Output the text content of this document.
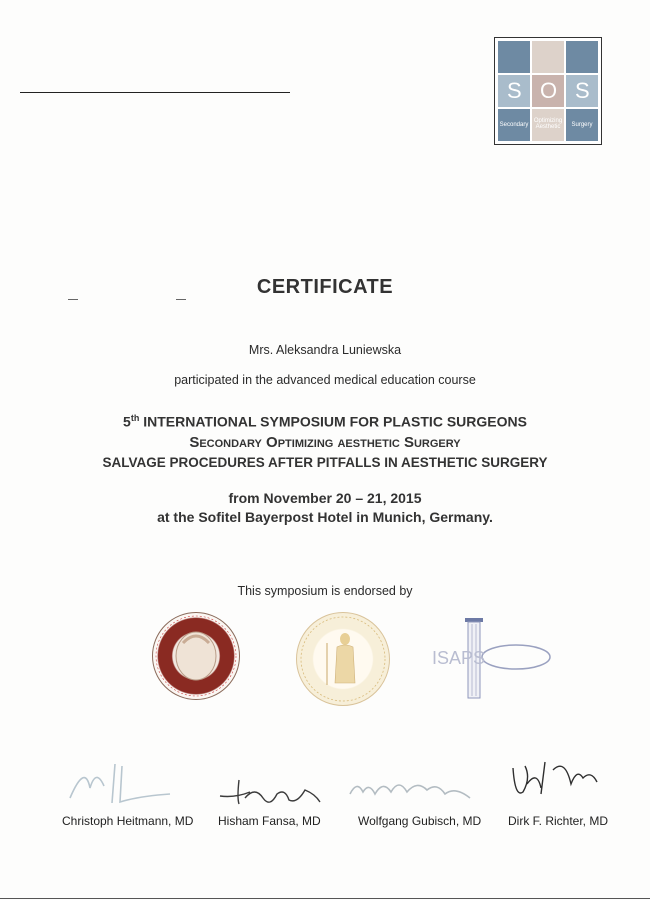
S O S
Secondary
Optimizing Aesthetic	Surgery
CERTIFICATE
Mrs. Aleksandra Luniewska
participated in the advanced medical education course
5th INTERNATIONAL SYMPOSIUM FOR PLASTIC SURGEONS
Secondary Optimizing aesthetic Surgery
SALVAGE PROCEDURES AFTER PITFALLS IN AESTHETIC SURGERY
from November 20 – 21, 2015
at the Sofitel Bayerpost Hotel in Munich, Germany.
This symposium is endorsed by
ISAPS
Christoph Heitmann, MD Hisham Fansa, MD	Wolfgang Gubisch, MD Dirk F. Richter, MD
